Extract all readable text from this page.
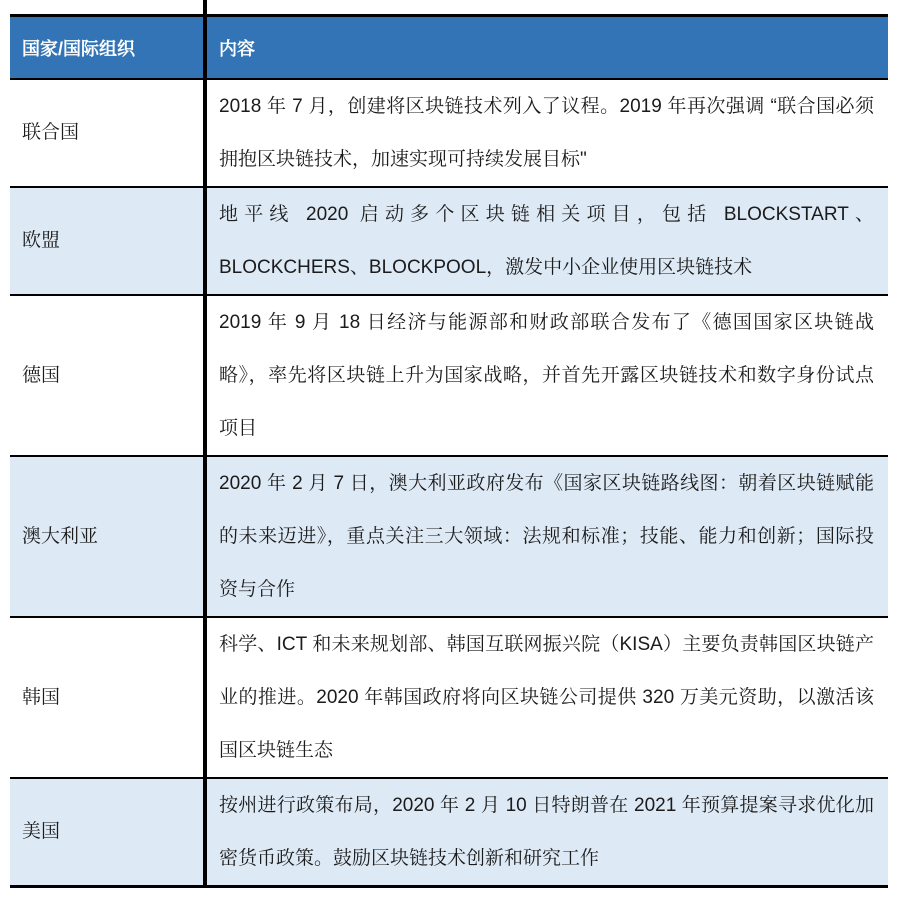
国家/国际组织	内容

联合国

2018 年 7 月，创建将区块链技术列入了议程。2019 年再次强调 “联合国必须拥抱区块链技术，加速实现可持续发展目标"

欧盟

地平线 2020 启动多个区块链相关项目，包括 BLOCKSTART、BLOCKCHERS、BLOCKPOOL，激发中小企业使用区块链技术

德国

2019 年 9 月 18 日经济与能源部和财政部联合发布了《德国国家区块链战略》，率先将区块链上升为国家战略，并首先开露区块链技术和数字身份试点项目

澳大利亚

2020 年 2 月 7 日，澳大利亚政府发布《国家区块链路线图：朝着区块链赋能的未来迈进》，重点关注三大领域：法规和标准；技能、能力和创新；国际投资与合作

韩国

科学、ICT 和未来规划部、韩国互联网振兴院（KISA）主要负责韩国区块链产业的推进。2020 年韩国政府将向区块链公司提供 320 万美元资助，以激活该国区块链生态

美国

按州进行政策布局，2020 年 2 月 10 日特朗普在 2021 年预算提案寻求优化加密货币政策。鼓励区块链技术创新和研究工作
